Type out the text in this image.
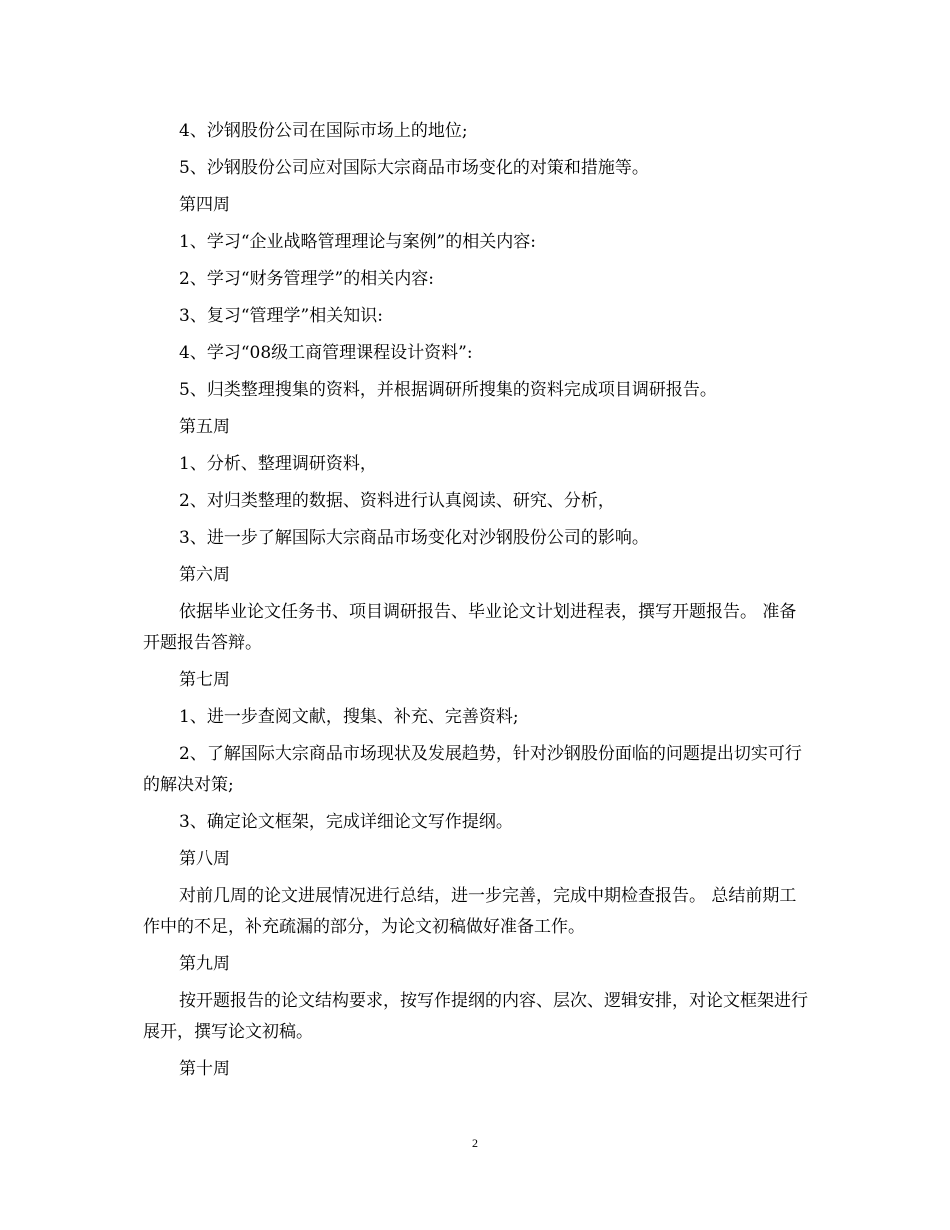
4、沙钢股份公司在国际市场上的地位;
5、沙钢股份公司应对国际大宗商品市场变化的对策和措施等。
第四周
1、学习“企业战略管理理论与案例”的相关内容:
2、学习“财务管理学”的相关内容:
3、复习“管理学”相关知识:
4、学习“08级工商管理课程设计资料”:
5、归类整理搜集的资料，并根据调研所搜集的资料完成项目调研报告。
第五周
1、分析、整理调研资料，
2、对归类整理的数据、资料进行认真阅读、研究、分析，
3、进一步了解国际大宗商品市场变化对沙钢股份公司的影响。
第六周
依据毕业论文任务书、项目调研报告、毕业论文计划进程表，撰写开题报告。 准备开题报告答辩。
第七周
1、进一步查阅文献，搜集、补充、完善资料;
2、了解国际大宗商品市场现状及发展趋势，针对沙钢股份面临的问题提出切实可行的解决对策;
3、确定论文框架，完成详细论文写作提纲。
第八周
对前几周的论文进展情况进行总结，进一步完善，完成中期检查报告。 总结前期工作中的不足，补充疏漏的部分，为论文初稿做好准备工作。
第九周
按开题报告的论文结构要求，按写作提纲的内容、层次、逻辑安排，对论文框架进行展开，撰写论文初稿。
第十周
2
